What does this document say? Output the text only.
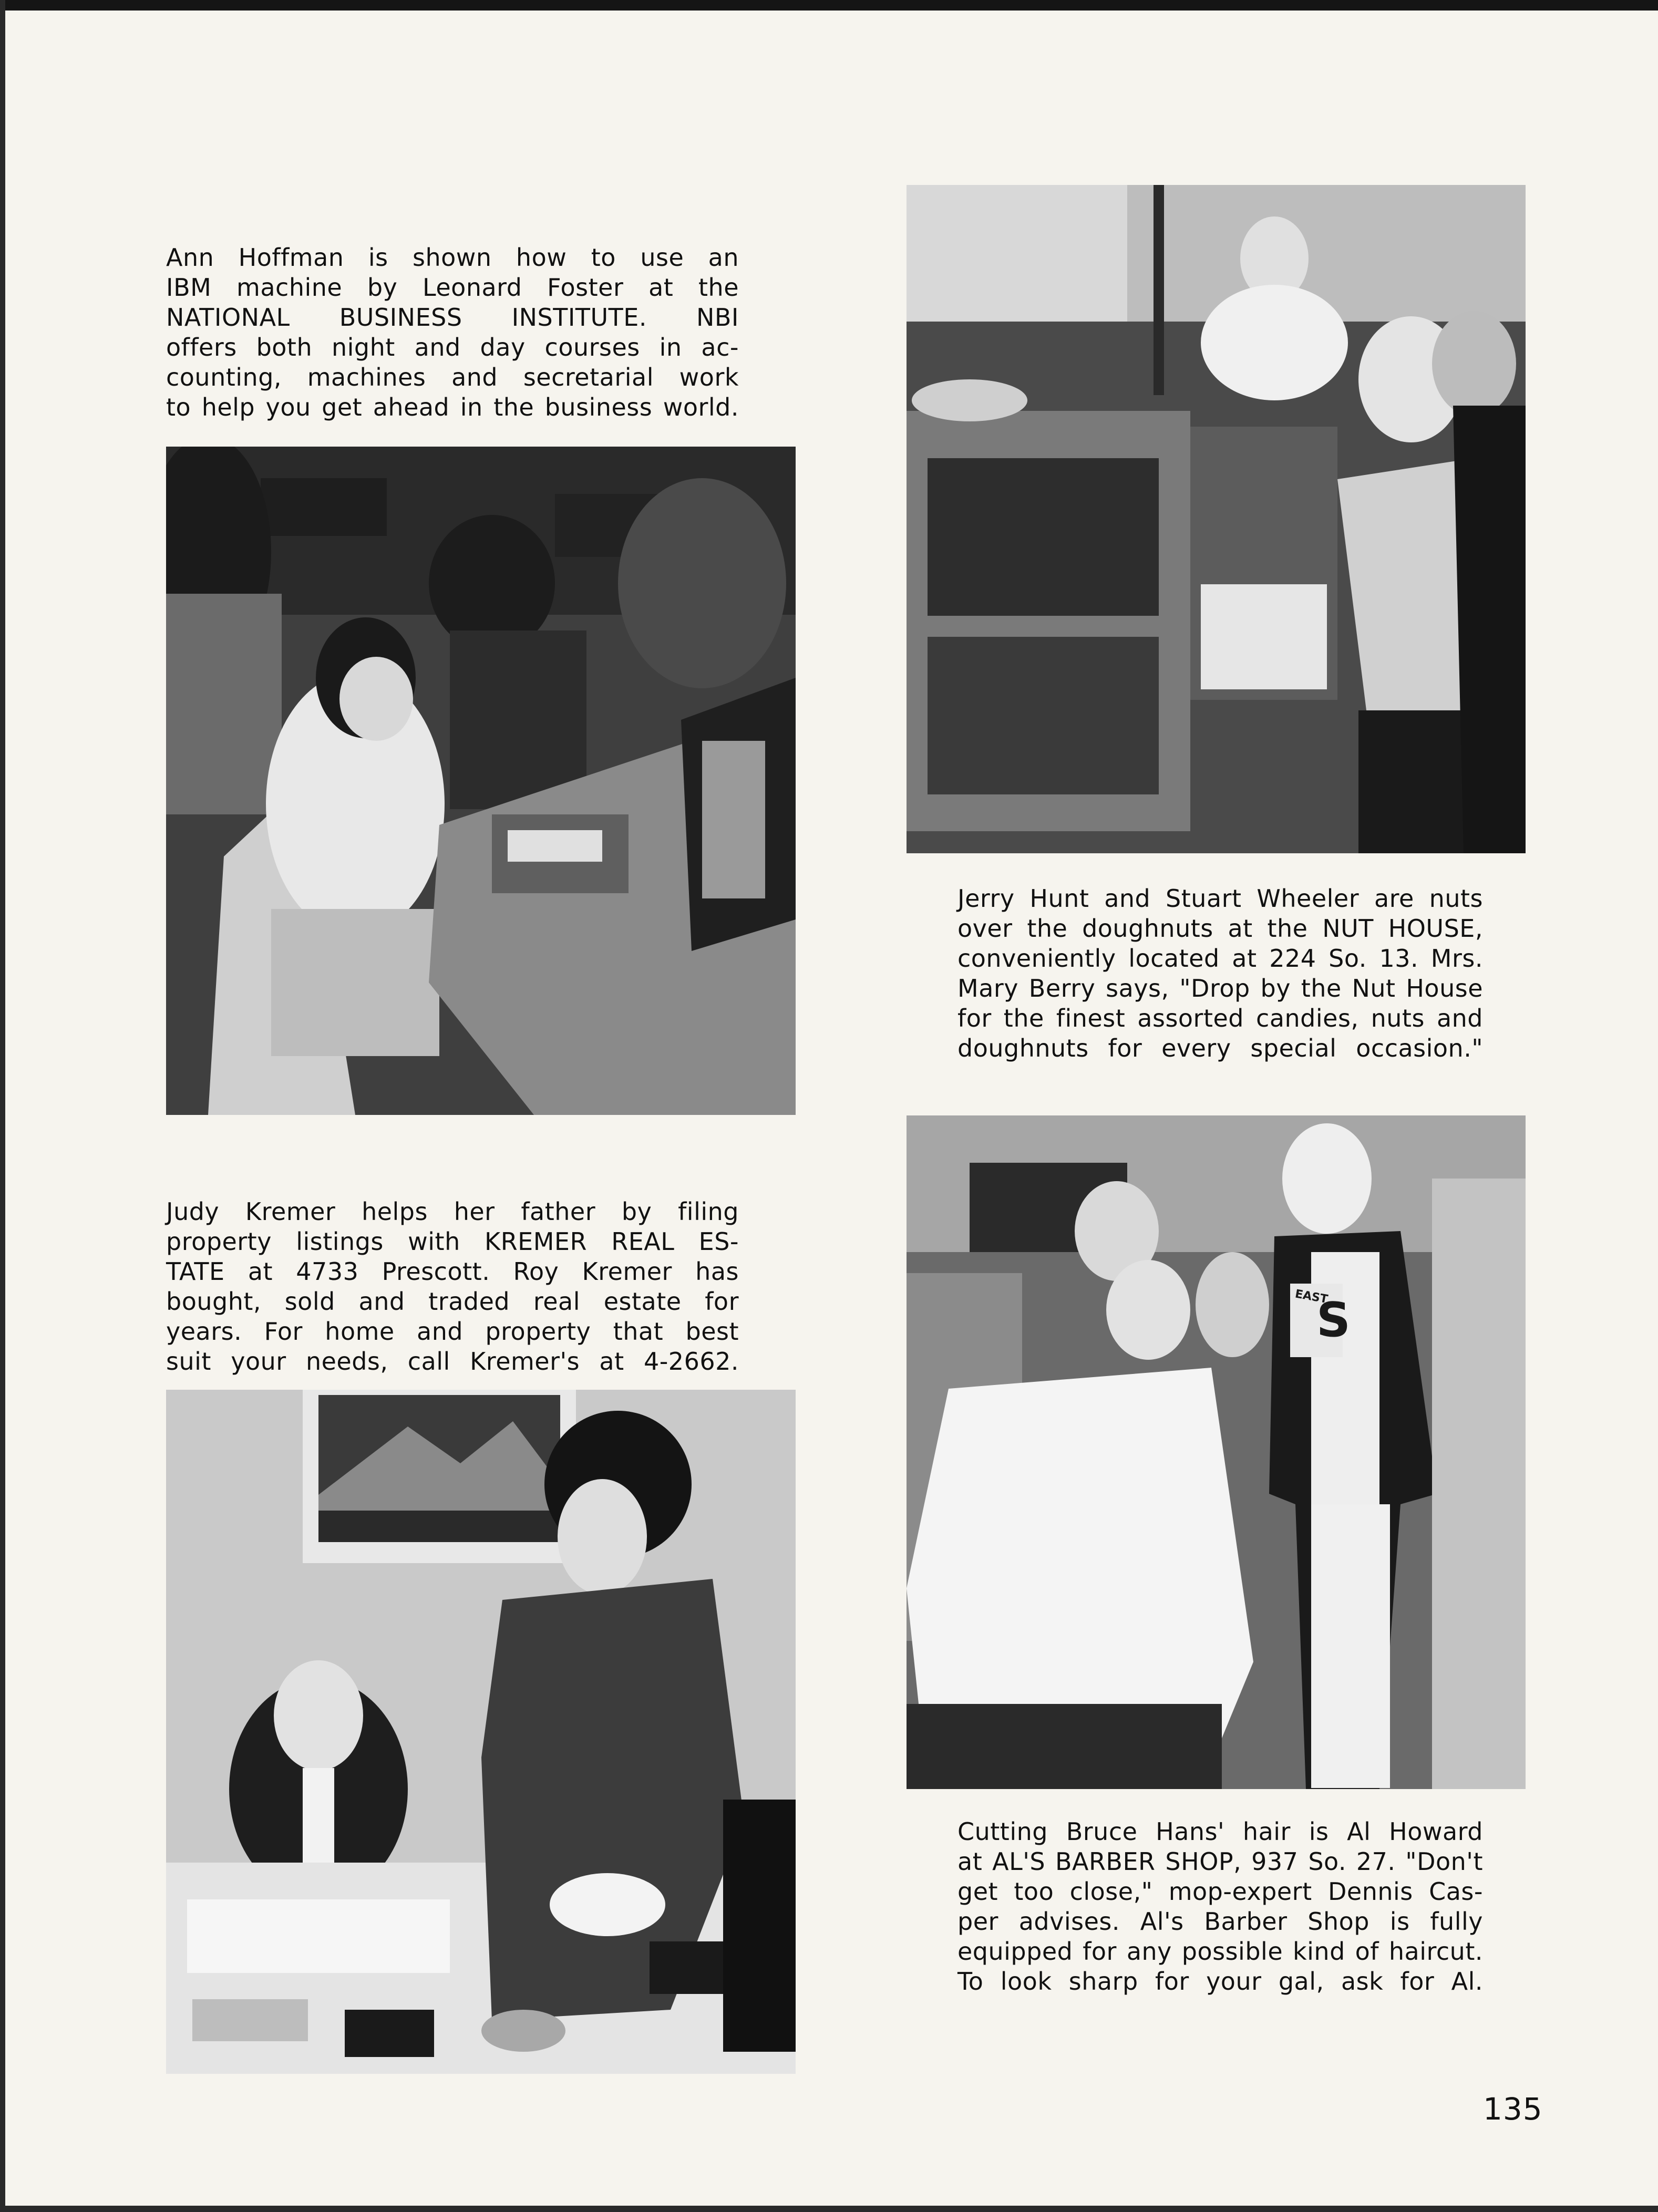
Ann Hoffman is shown how to use an
IBM machine by Leonard Foster at the
NATIONAL BUSINESS INSTITUTE. NBI
offers both night and day courses in ac-
counting, machines and secretarial work
to help you get ahead in the business world.
Jerry Hunt and Stuart Wheeler are nuts
over the doughnuts at the NUT HOUSE,
conveniently located at 224 So. 13. Mrs.
Mary Berry says, "Drop by the Nut House
for the finest assorted candies, nuts and
doughnuts for every special occasion."
Judy Kremer helps her father by filing
property listings with KREMER REAL ES-
TATE at 4733 Prescott. Roy Kremer has
bought, sold and traded real estate for
years. For home and property that best
suit your needs, call Kremer's at 4-2662.
S
EAST
Cutting Bruce Hans' hair is Al Howard
at AL'S BARBER SHOP, 937 So. 27. "Don't
get too close," mop-expert Dennis Cas-
per advises. Al's Barber Shop is fully
equipped for any possible kind of haircut.
To look sharp for your gal, ask for Al.
135
